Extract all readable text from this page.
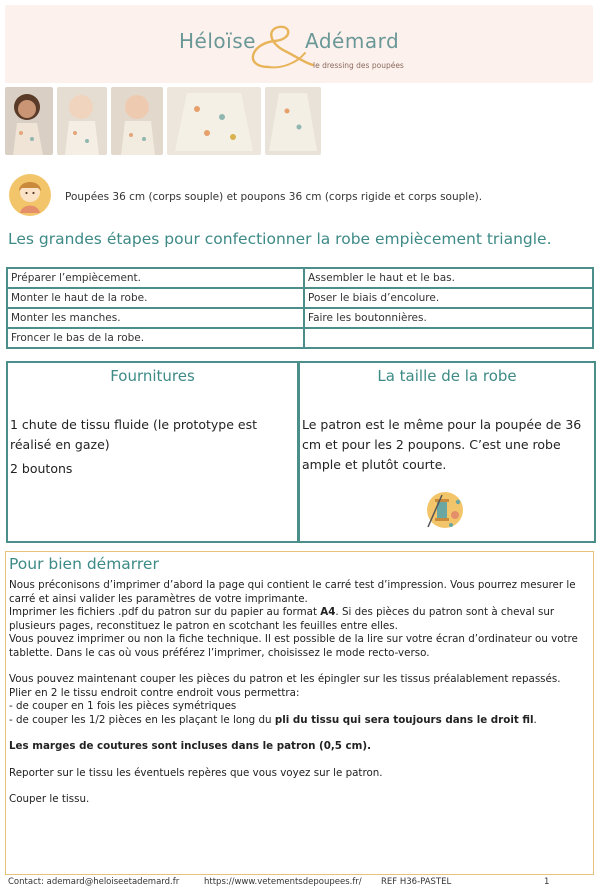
Héloïse Adémard
le dressing des poupées
Poupées 36 cm (corps souple) et poupons 36 cm (corps rigide et corps souple).
Les grandes étapes pour confectionner la robe empiècement triangle.
Préparer l’empiècement.	Assembler le haut et le bas.
Monter le haut de la robe.	Poser le biais d’encolure.
Monter les manches.	Faire les boutonnières.
Froncer le bas de la robe.	
Fournitures
1 chute de tissu fluide (le prototype est réalisé en gaze)
2 boutons
La taille de la robe
Le patron est le même pour la poupée de 36 cm et pour les 2 poupons. C’est une robe ample et plutôt courte.
Pour bien démarrer

Nous préconisons d’imprimer d’abord la page qui contient le carré test d’impression. Vous pourrez mesurer le carré et ainsi valider les paramètres de votre imprimante.

Imprimer les fichiers .pdf du patron sur du papier au format A4. Si des pièces du patron sont à cheval sur plusieurs pages, reconstituez le patron en scotchant les feuilles entre elles.

Vous pouvez imprimer ou non la fiche technique. Il est possible de la lire sur votre écran d’ordinateur ou votre tablette. Dans le cas où vous préférez l’imprimer, choisissez le mode recto-verso.

Vous pouvez maintenant couper les pièces du patron et les épingler sur les tissus préalablement repassés.

Plier en 2 le tissu endroit contre endroit vous permettra:

- de couper en 1 fois les pièces symétriques

- de couper les 1/2 pièces en les plaçant le long du pli du tissu qui sera toujours dans le droit fil.

Les marges de coutures sont incluses dans le patron (0,5 cm).

Reporter sur le tissu les éventuels repères que vous voyez sur le patron.

Couper le tissu.

Contact: ademard@heloiseetademard.fr	https://www.vetementsdepoupees.fr/ REF H36-PASTEL	1
